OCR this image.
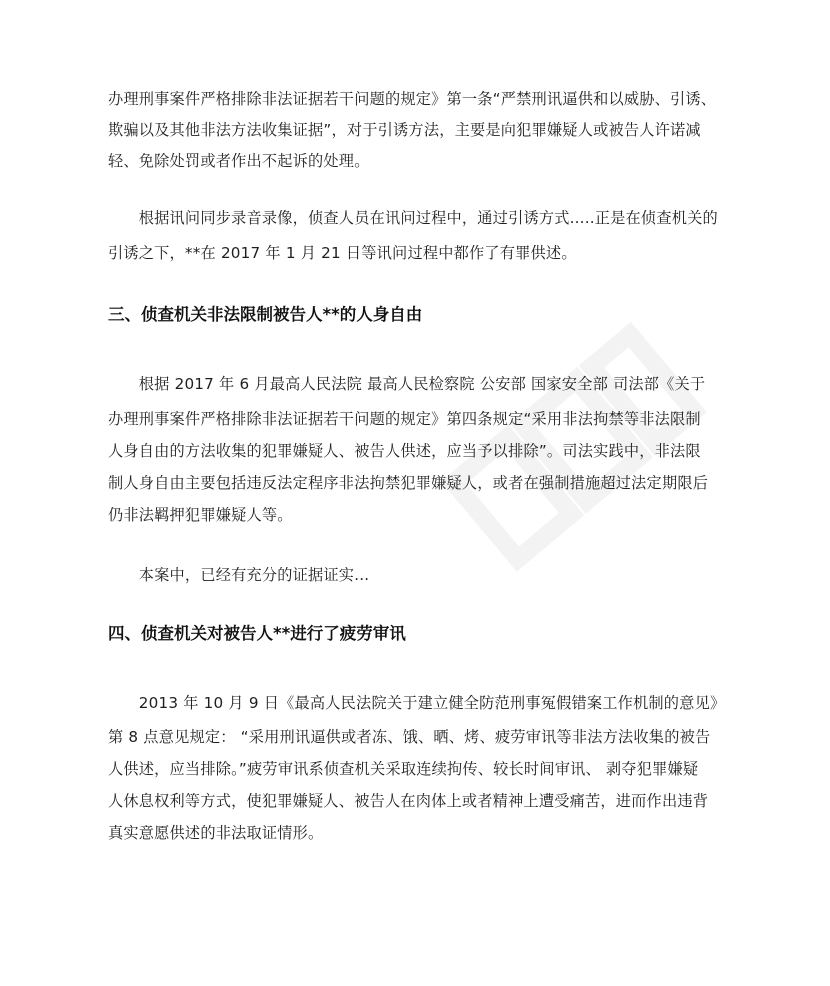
办理刑事案件严格排除非法证据若干问题的规定》第一条“严禁刑讯逼供和以威胁、引诱、
欺骗以及其他非法方法收集证据”，对于引诱方法，主要是向犯罪嫌疑人或被告人许诺减
轻、免除处罚或者作出不起诉的处理。
　　根据讯问同步录音录像，侦查人员在讯问过程中，通过引诱方式.....正是在侦查机关的
引诱之下，**在 2017 年 1 月 21 日等讯问过程中都作了有罪供述。
三、侦查机关非法限制被告人**的人身自由
　　根据 2017 年 6 月最高人民法院 最高人民检察院 公安部 国家安全部 司法部《关于
办理刑事案件严格排除非法证据若干问题的规定》第四条规定“采用非法拘禁等非法限制
人身自由的方法收集的犯罪嫌疑人、被告人供述，应当予以排除”。司法实践中，非法限
制人身自由主要包括违反法定程序非法拘禁犯罪嫌疑人，或者在强制措施超过法定期限后
仍非法羁押犯罪嫌疑人等。
　　本案中，已经有充分的证据证实...
四、侦查机关对被告人**进行了疲劳审讯
　　2013 年 10 月 9 日《最高人民法院关于建立健全防范刑事冤假错案工作机制的意见》
第 8 点意见规定： “采用刑讯逼供或者冻、饿、晒、烤、疲劳审讯等非法方法收集的被告
人供述，应当排除。”疲劳审讯系侦查机关采取连续拘传、较长时间审讯、 剥夺犯罪嫌疑
人休息权利等方式，使犯罪嫌疑人、被告人在肉体上或者精神上遭受痛苦，进而作出违背
真实意愿供述的非法取证情形。
